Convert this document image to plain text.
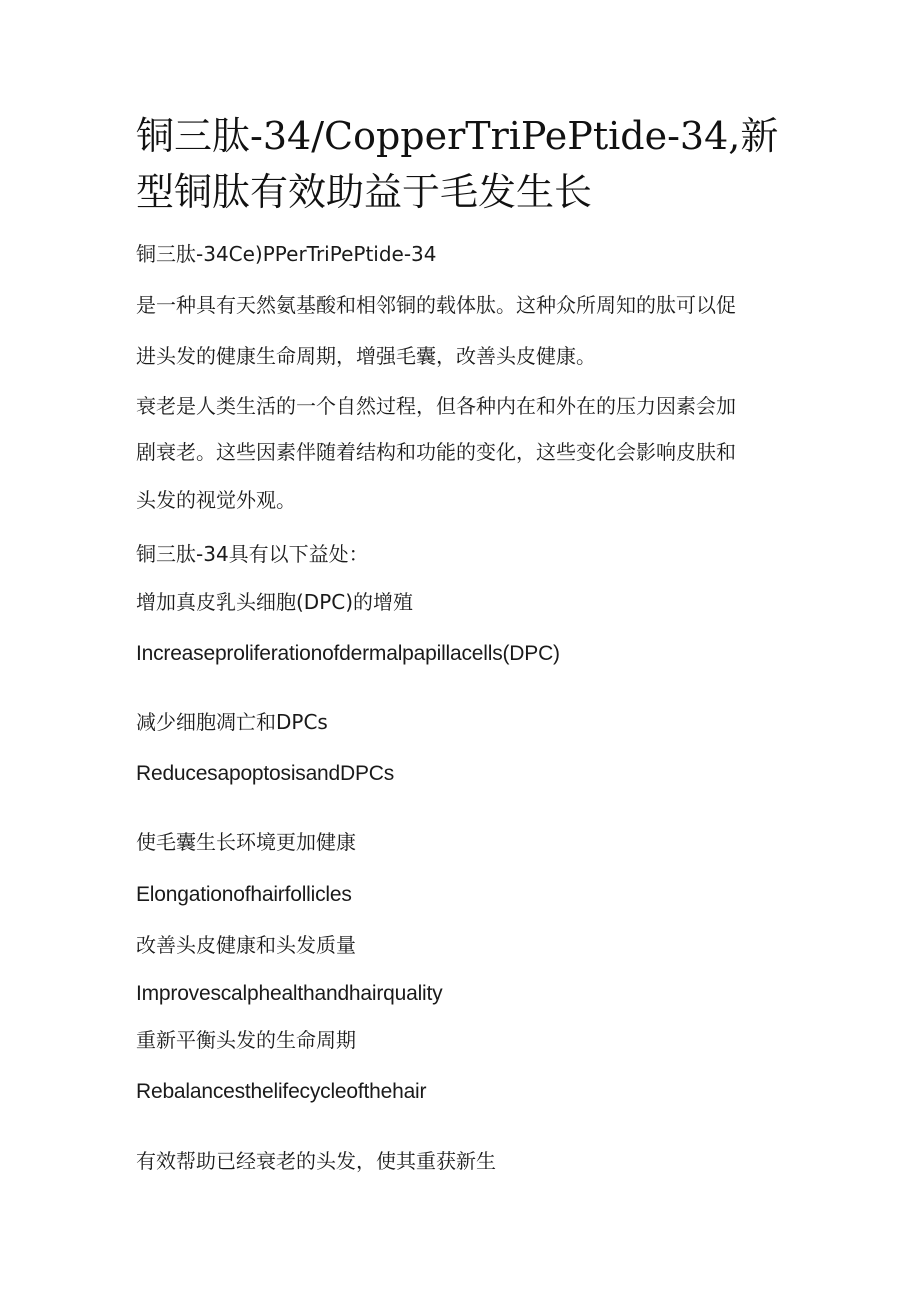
铜三肽-34/CopperTriPePtide-34,新型铜肽有效助益于毛发生长

铜三肽-34Ce)PPerTriPePtide-34

是一种具有天然氨基酸和相邻铜的载体肽。这种众所周知的肽可以促

进头发的健康生命周期，增强毛囊，改善头皮健康。

衰老是人类生活的一个自然过程，但各种内在和外在的压力因素会加

剧衰老。这些因素伴随着结构和功能的变化，这些变化会影响皮肤和

头发的视觉外观。

铜三肽-34具有以下益处：

增加真皮乳头细胞(DPC)的增殖

Increaseproliferationofdermalpapillacells(DPC)

减少细胞凋亡和DPCs

ReducesapoptosisandDPCs

使毛囊生长环境更加健康

Elongationofhairfollicles

改善头皮健康和头发质量

Improvescalphealthandhairquality

重新平衡头发的生命周期

Rebalancesthelifecycleofthehair

有效帮助已经衰老的头发，使其重获新生
